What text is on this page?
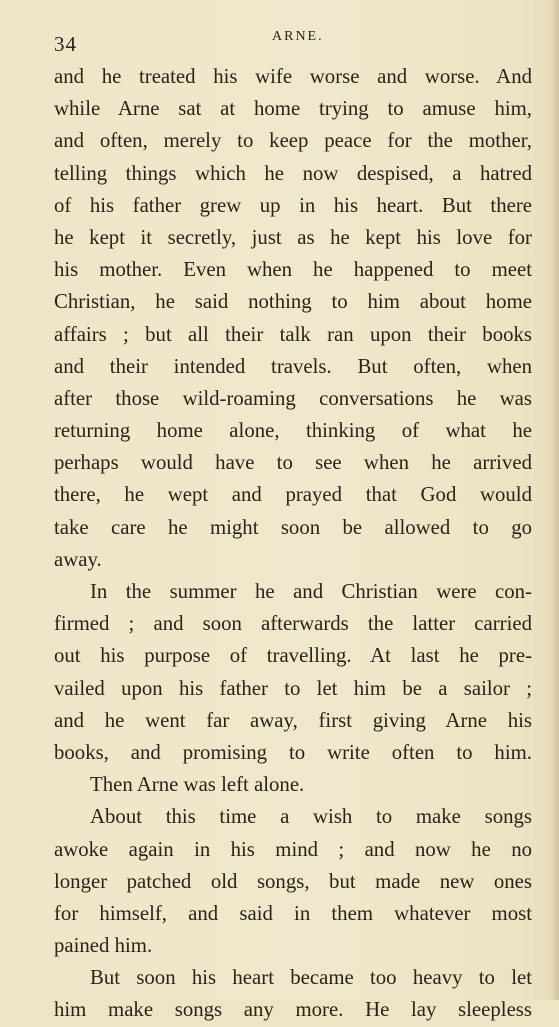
34	ARNE.
and he treated his wife worse and worse. And
while Arne sat at home trying to amuse him,
and often, merely to keep peace for the mother,
telling things which he now despised, a hatred
of his father grew up in his heart. But there
he kept it secretly, just as he kept his love for
his mother. Even when he happened to meet
Christian, he said nothing to him about home
affairs ; but all their talk ran upon their books
and their intended travels. But often, when
after those wild-roaming conversations he was
returning home alone, thinking of what he
perhaps would have to see when he arrived
there, he wept and prayed that God would
take care he might soon be allowed to go
away.
In the summer he and Christian were con-
firmed ; and soon afterwards the latter carried
out his purpose of travelling. At last he pre-
vailed upon his father to let him be a sailor ;
and he went far away, first giving Arne his
books, and promising to write often to him.
Then Arne was left alone.
About this time a wish to make songs
awoke again in his mind ; and now he no
longer patched old songs, but made new ones
for himself, and said in them whatever most
pained him.
But soon his heart became too heavy to let
him make songs any more. He lay sleepless
